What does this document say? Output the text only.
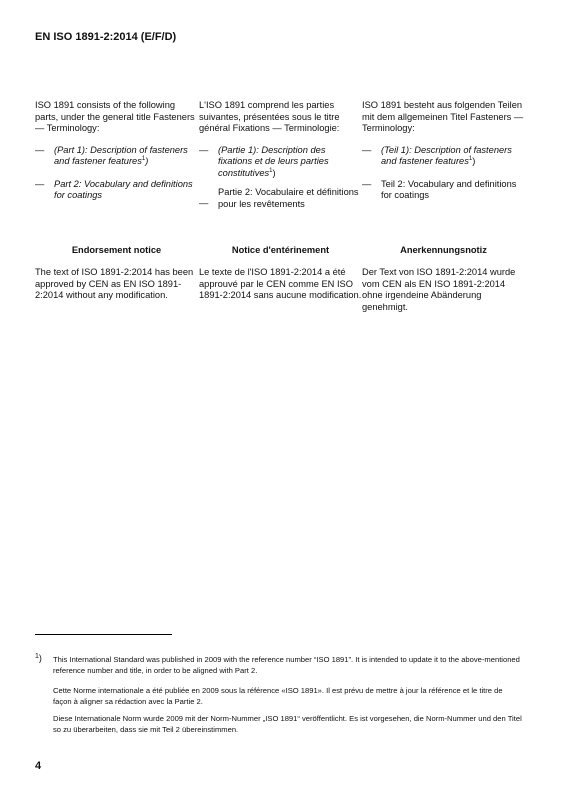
EN ISO 1891-2:2014 (E/F/D)

ISO 1891 consists of the following parts, under the general title Fasteners — Terminology:

— (Part 1): Description of fasteners and fastener features$^1$)
— Part 2: Vocabulary and definitions for coatings

L'ISO 1891 comprend les parties suivantes, présentées sous le titre général Fixations — Terminologie:

— (Partie 1): Description des fixations et de leurs parties constitutives$^1$)
—
Partie 2: Vocabulaire et définitions pour les revêtements

ISO 1891 besteht aus folgenden Teilen mit dem allgemeinen Titel Fasteners — Terminology:

— (Teil 1): Description of fasteners and fastener features$^1$)
— Teil 2: Vocabulary and definitions for coatings
Endorsement notice	Notice d'entérinement	Anerkennungsnotiz
The text of ISO 1891-2:2014 has been approved by CEN as EN ISO 1891-2:2014 without any modification.
Le texte de l'ISO 1891-2:2014 a été approuvé par le CEN comme EN ISO 1891-2:2014 sans aucune modification.
Der Text von ISO 1891-2:2014 wurde vom CEN als EN ISO 1891-2:2014 ohne irgendeine Abänderung genehmigt.
$^1$) This International Standard was published in 2009 with the reference number “ISO 1891”. It is intended to update it to the above-mentioned reference number and title, in order to be aligned with Part 2.
Cette Norme internationale a été publiée en 2009 sous la référence «ISO 1891». Il est prévu de mettre à jour la référence et le titre de façon à aligner sa rédaction avec la Partie 2.
Diese Internationale Norm wurde 2009 mit der Norm-Nummer „ISO 1891“ veröffentlicht. Es ist vorgesehen, die Norm-Nummer und den Titel so zu überarbeiten, dass sie mit Teil 2 übereinstimmen.
4
